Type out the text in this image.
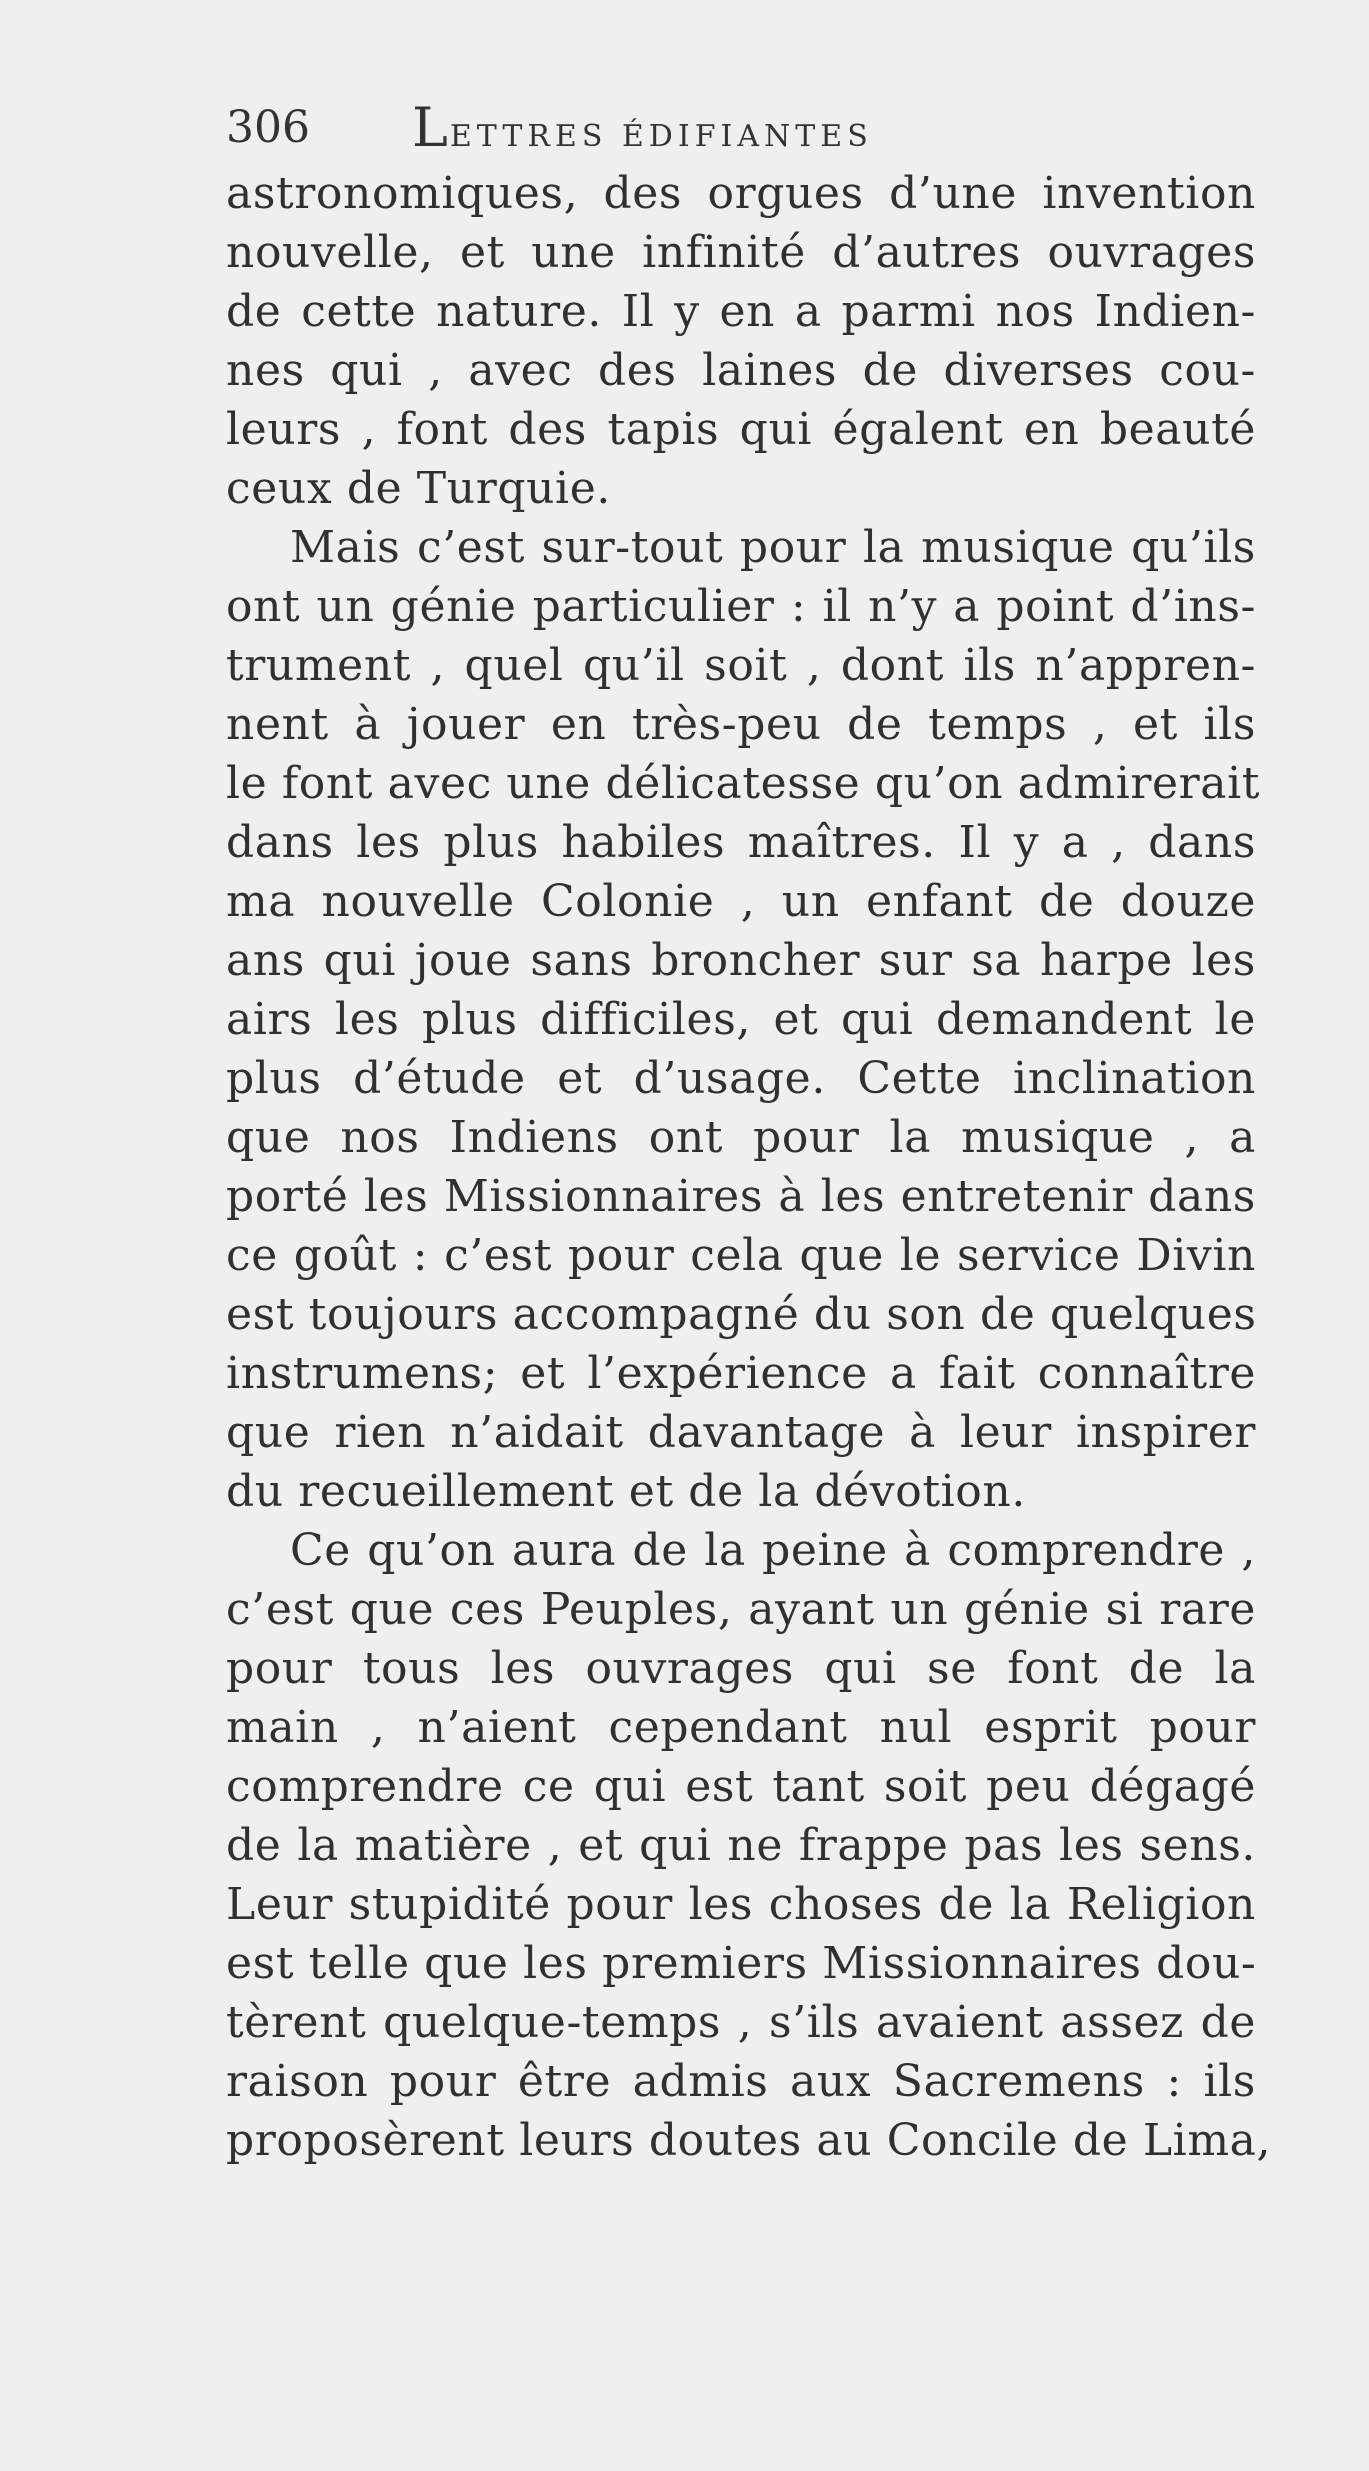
306 LETTRES ÉDIFIANTES
astronomiques, des orgues d’une invention
nouvelle, et une infinité d’autres ouvrages
de cette nature. Il y en a parmi nos Indien-
nes qui , avec des laines de diverses cou-
leurs , font des tapis qui égalent en beauté
ceux de Turquie.
Mais c’est sur-tout pour la musique qu’ils
ont un génie particulier : il n’y a point d’ins-
trument , quel qu’il soit , dont ils n’appren-
nent à jouer en très-peu de temps , et ils
le font avec une délicatesse qu’on admirerait
dans les plus habiles maîtres. Il y a , dans
ma nouvelle Colonie , un enfant de douze
ans qui joue sans broncher sur sa harpe les
airs les plus difficiles, et qui demandent le
plus d’étude et d’usage. Cette inclination
que nos Indiens ont pour la musique , a
porté les Missionnaires à les entretenir dans
ce goût : c’est pour cela que le service Divin
est toujours accompagné du son de quelques
instrumens; et l’expérience a fait connaître
que rien n’aidait davantage à leur inspirer
du recueillement et de la dévotion.
Ce qu’on aura de la peine à comprendre ,
c’est que ces Peuples, ayant un génie si rare
pour tous les ouvrages qui se font de la
main , n’aient cependant nul esprit pour
comprendre ce qui est tant soit peu dégagé
de la matière , et qui ne frappe pas les sens.
Leur stupidité pour les choses de la Religion
est telle que les premiers Missionnaires dou-
tèrent quelque-temps , s’ils avaient assez de
raison pour être admis aux Sacremens : ils
proposèrent leurs doutes au Concile de Lima,
